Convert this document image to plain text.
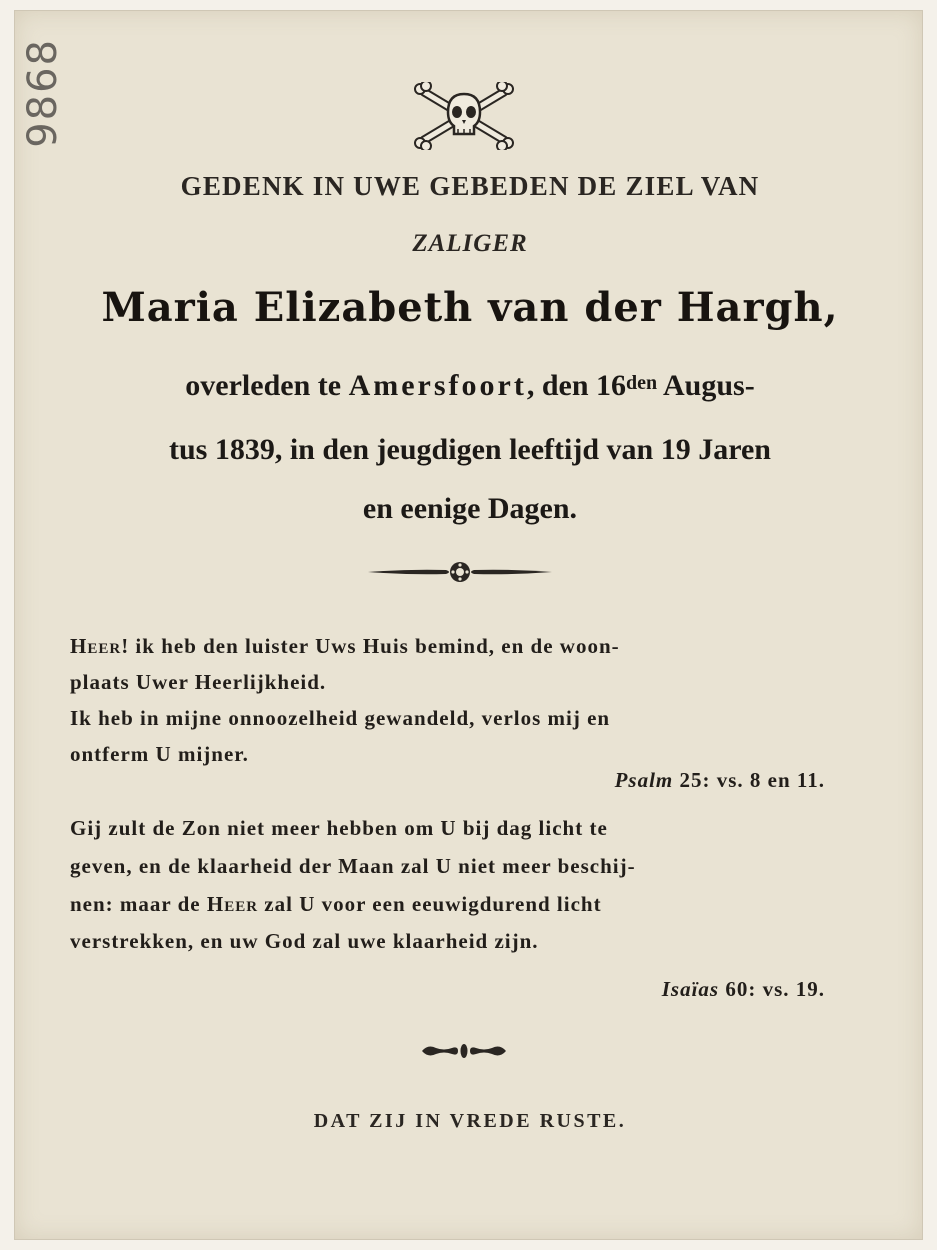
9868
GEDENK IN UWE GEBEDEN DE ZIEL VAN
ZALIGER
Maria Elizabeth van der Hargh,
overleden te Amersfoort, den $16^{den}$ Augus-
tus 1839, in den jeugdigen leeftijd van 19 Jaren
en eenige Dagen.
Heer! ik heb den luister Uws Huis bemind, en de woon-
plaats Uwer Heerlijkheid.
Ik heb in mijne onnoozelheid gewandeld, verlos mij en
ontferm U mijner.
Psalm 25: vs. 8 en 11.
Gij zult de Zon niet meer hebben om U bij dag licht te
geven, en de klaarheid der Maan zal U niet meer beschij-
nen: maar de Heer zal U voor een eeuwigdurend licht
verstrekken, en uw God zal uwe klaarheid zijn.
Isaïas 60: vs. 19.
DAT ZIJ IN VREDE RUSTE.
